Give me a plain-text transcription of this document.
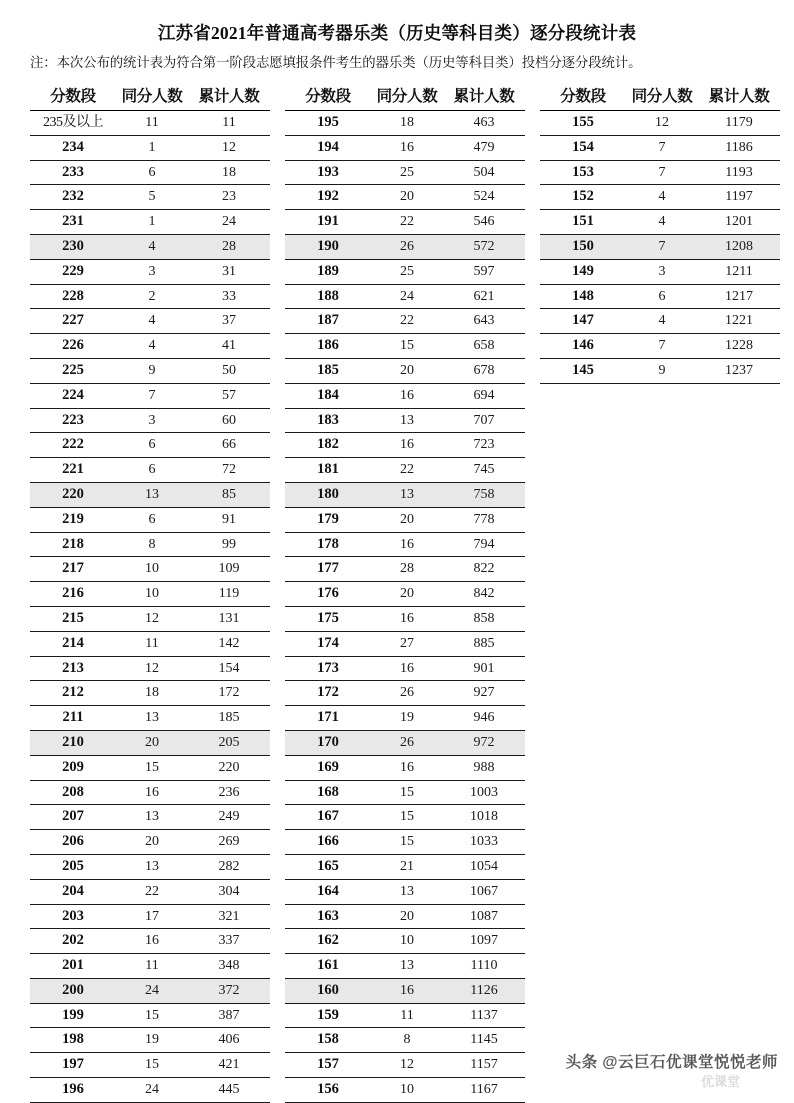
江苏省2021年普通高考器乐类（历史等科目类）逐分段统计表

注：本次公布的统计表为符合第一阶段志愿填报条件考生的器乐类（历史等科目类）投档分逐分段统计。

分数段	同分人数	累计人数
235及以上	11	11
234	1	12
233	6	18
232	5	23
231	1	24
230	4	28
229	3	31
228	2	33
227	4	37
226	4	41
225	9	50
224	7	57
223	3	60
222	6	66
221	6	72
220	13	85
219	6	91
218	8	99
217	10	109
216	10	119
215	12	131
214	11	142
213	12	154
212	18	172
211	13	185
210	20	205
209	15	220
208	16	236
207	13	249
206	20	269
205	13	282
204	22	304
203	17	321
202	16	337
201	11	348
200	24	372
199	15	387
198	19	406
197	15	421
196	24	445
分数段	同分人数	累计人数
195	18	463
194	16	479
193	25	504
192	20	524
191	22	546
190	26	572
189	25	597
188	24	621
187	22	643
186	15	658
185	20	678
184	16	694
183	13	707
182	16	723
181	22	745
180	13	758
179	20	778
178	16	794
177	28	822
176	20	842
175	16	858
174	27	885
173	16	901
172	26	927
171	19	946
170	26	972
169	16	988
168	15	1003
167	15	1018
166	15	1033
165	21	1054
164	13	1067
163	20	1087
162	10	1097
161	13	1110
160	16	1126
159	11	1137
158	8	1145
157	12	1157
156	10	1167
分数段	同分人数	累计人数
155	12	1179
154	7	1186
153	7	1193
152	4	1197
151	4	1201
150	7	1208
149	3	1211
148	6	1217
147	4	1221
146	7	1228
145	9	1237
头条 @云巨石优课堂悦悦老师
优课堂
